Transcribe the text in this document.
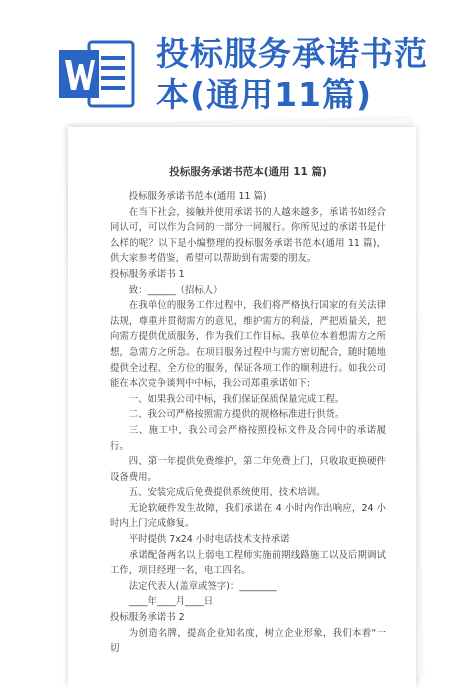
投标服务承诺书范
本(通用11篇)
投标服务承诺书范本(通用 11 篇)

投标服务承诺书范本(通用 11 篇)

在当下社会，接触并使用承诺书的人越来越多，承诺书如经合同认可，可以作为合同的一部分一同履行。你所见过的承诺书是什么样的呢？以下是小编整理的投标服务承诺书范本(通用 11 篇)，供大家参考借鉴，希望可以帮助到有需要的朋友。

投标服务承诺书 1

致：______（招标人）

在我单位的服务工作过程中，我们将严格执行国家的有关法律法规，尊重并贯彻需方的意见，维护需方的利益，严把质量关，把向需方提供优质服务，作为我们工作目标。我单位本着想需方之所想，急需方之所急。在项目服务过程中与需方密切配合，随时随地提供全过程、全方位的服务，保证各项工作的顺利进行。如我公司能在本次竞争谈判中中标，我公司郑重承诺如下:

一、如果我公司中标，我们保证保质保量完成工程。

二、我公司严格按照需方提供的规格标准进行供货。

三、施工中，我公司会严格按照投标文件及合同中的承诺履行。

四、第一年提供免费维护，第二年免费上门，只收取更换硬件设备费用。

五、安装完成后免费提供系统使用、技术培训。

无论软硬件发生故障，我们承诺在 4 小时内作出响应，24 小时内上门完成修复。

平时提供 7x24 小时电话技术支持承诺

承诺配备两名以上弱电工程师实施前期线路施工以及后期调试工作，项目经理一名，电工四名。

法定代表人(盖章或签字)：________

____年____月____日

投标服务承诺书 2

为创造名牌，提高企业知名度，树立企业形象，我们本着“一切
